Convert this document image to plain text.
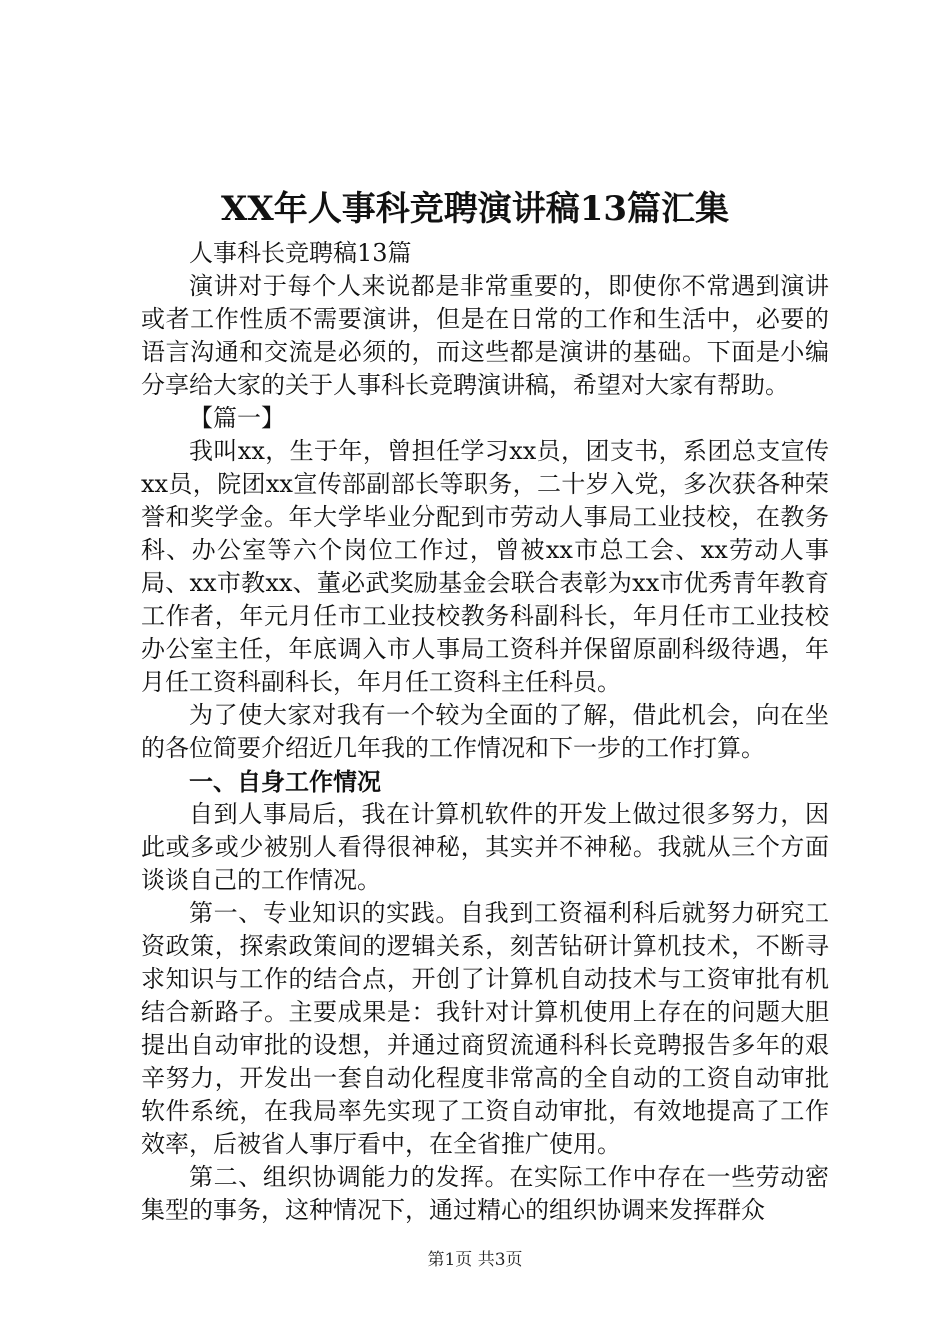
XX年人事科竞聘演讲稿13篇汇集

人事科长竞聘稿13篇

演讲对于每个人来说都是非常重要的，即使你不常遇到演讲或者工作性质不需要演讲，但是在日常的工作和生活中，必要的语言沟通和交流是必须的，而这些都是演讲的基础。下面是小编分享给大家的关于人事科长竞聘演讲稿，希望对大家有帮助。

【篇一】

我叫xx，生于年，曾担任学习xx员，团支书，系团总支宣传xx员，院团xx宣传部副部长等职务，二十岁入党，多次获各种荣誉和奖学金。年大学毕业分配到市劳动人事局工业技校，在教务科、办公室等六个岗位工作过，曾被xx市总工会、xx劳动人事局、xx市教xx、董必武奖励基金会联合表彰为xx市优秀青年教育工作者，年元月任市工业技校教务科副科长，年月任市工业技校办公室主任，年底调入市人事局工资科并保留原副科级待遇，年月任工资科副科长，年月任工资科主任科员。

为了使大家对我有一个较为全面的了解，借此机会，向在坐的各位简要介绍近几年我的工作情况和下一步的工作打算。

一、自身工作情况

自到人事局后，我在计算机软件的开发上做过很多努力，因此或多或少被别人看得很神秘，其实并不神秘。我就从三个方面谈谈自己的工作情况。

第一、专业知识的实践。自我到工资福利科后就努力研究工资政策，探索政策间的逻辑关系，刻苦钻研计算机技术，不断寻求知识与工作的结合点，开创了计算机自动技术与工资审批有机结合新路子。主要成果是：我针对计算机使用上存在的问题大胆提出自动审批的设想，并通过商贸流通科科长竞聘报告多年的艰辛努力，开发出一套自动化程度非常高的全自动的工资自动审批软件系统，在我局率先实现了工资自动审批，有效地提高了工作效率，后被省人事厅看中，在全省推广使用。

第二、组织协调能力的发挥。在实际工作中存在一些劳动密集型的事务，这种情况下，通过精心的组织协调来发挥群众

第1页 共3页
